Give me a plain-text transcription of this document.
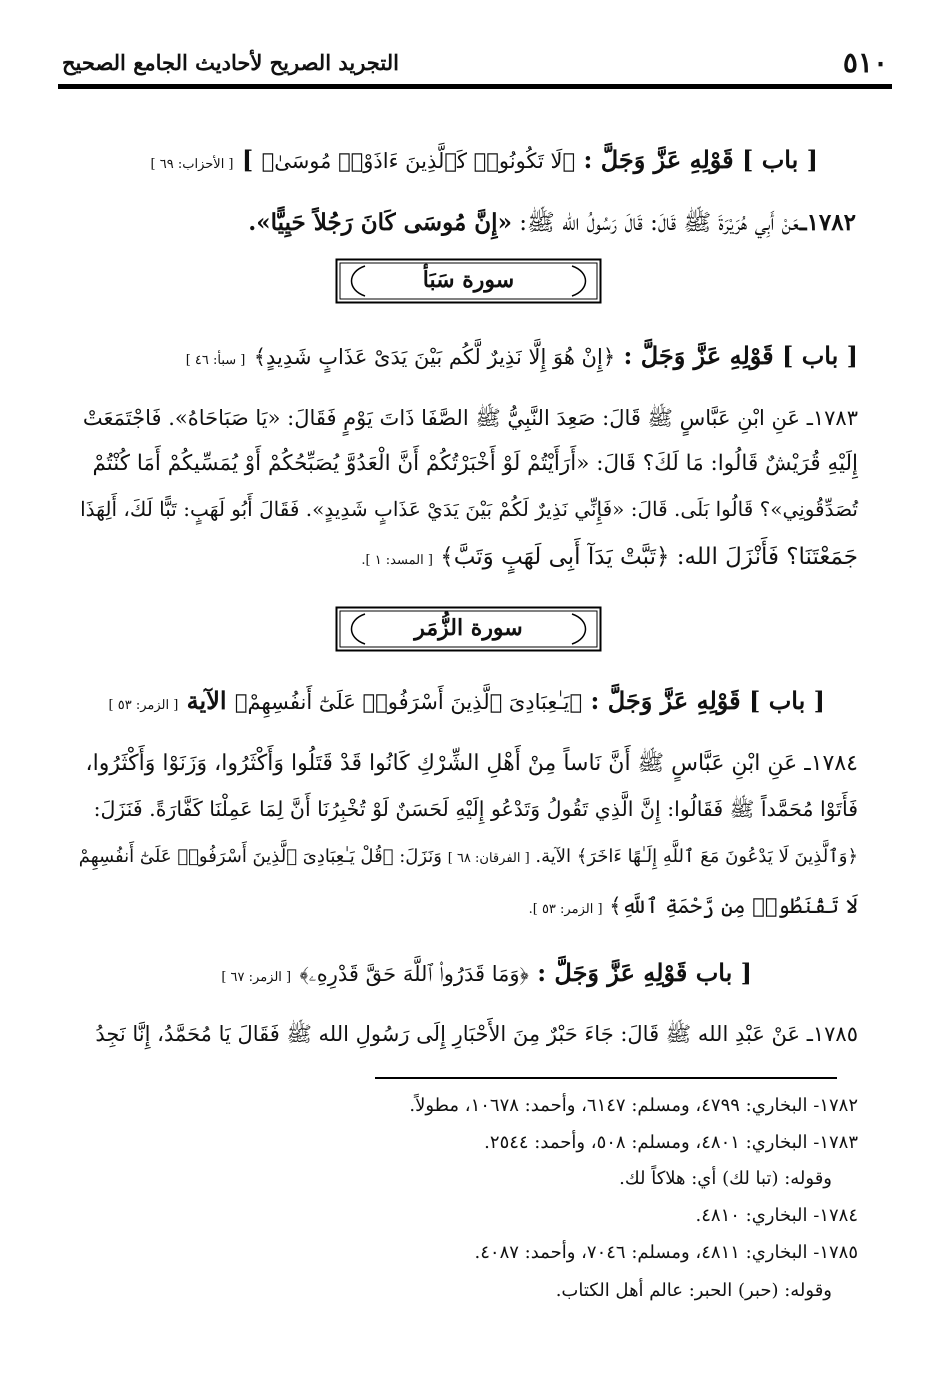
٥١٠
التجريد الصريح لأحاديث الجامع الصحيح
[ باب ] قَوْلِهِ عَزَّ وَجَلَّ : ﴿لَا تَكُونُوا۟ كَٱلَّذِينَ ءَاذَوْا۟ مُوسَىٰ﴾ ] [ الأحزاب: ٦٩ ]
١٧٨٢ـعَنْ أَبِي هُرَيْرَةَ ﷺ قَالَ: قَالَ رَسُولُ الله ﷺ: «إِنَّ مُوسَى كَانَ رَجُلاً حَيِيًّا».
سورة سَبَأ
[ باب ] قَوْلِهِ عَزَّ وَجَلَّ : ﴿إِنْ هُوَ إِلَّا نَذِيرٌ لَّكُم بَيْنَ يَدَىْ عَذَابٍ شَدِيدٍ﴾ [ سبأ: ٤٦ ]
١٧٨٣ـ عَنِ ابْنِ عَبَّاسٍ ﷺ قَالَ: صَعِدَ النَّبِيُّ ﷺ الصَّفَا ذَاتَ يَوْمٍ فَقَالَ: «يَا صَبَاحَاهُ». فَاجْتَمَعَتْ
إِلَيْهِ قُرَيْشٌ قَالُوا: مَا لَكَ؟ قَالَ: «أَرَأَيْتُمْ لَوْ أَخْبَرْتُكُمْ أَنَّ الْعَدُوَّ يُصَبِّحُكُمْ أَوْ يُمَسِّيكُمْ أَمَا كُنْتُمْ
تُصَدِّقُونِي»؟ قَالُوا بَلَى. قَالَ: «فَإِنِّي نَذِيرٌ لَكُمْ بَيْنَ يَدَيْ عَذَابٍ شَدِيدٍ». فَقَالَ أَبُو لَهَبٍ: تَبًّا لَكَ، أَلِهَذَا
جَمَعْتَنَا؟ فَأَنْزَلَ الله: ﴿تَبَّتْ يَدَآ أَبِى لَهَبٍ وَتَبَّ﴾ [ المسد: ١ ].
سورة الزُّمَر
[ باب ] قَوْلِهِ عَزَّ وَجَلَّ : ﴿يَـٰعِبَادِىَ ٱلَّذِينَ أَسْرَفُوا۟ عَلَىٰٓ أَنفُسِهِمْ﴾ الآية [ الزمر: ٥٣ ]
١٧٨٤ـ عَنِ ابْنِ عَبَّاسٍ ﷺ أَنَّ نَاساً مِنْ أَهْلِ الشِّرْكِ كَانُوا قَدْ قَتَلُوا وَأَكْثَرُوا، وَزَنَوْا وَأَكْثَرُوا،
فَأَتَوْا مُحَمَّداً ﷺ فَقَالُوا: إِنَّ الَّذِي تَقُولُ وَتَدْعُو إِلَيْهِ لَحَسَنٌ لَوْ تُخْبِرُنَا أَنَّ لِمَا عَمِلْنَا كَفَّارَةً. فَنَزَلَ:
﴿وَٱلَّذِينَ لَا يَدْعُونَ مَعَ ٱللَّهِ إِلَـٰهًا ءَاخَرَ﴾ الآية. [ الفرقان: ٦٨ ] وَنَزَلَ: ﴿قُلْ يَـٰعِبَادِىَ ٱلَّذِينَ أَسْرَفُوا۟ عَلَىٰٓ أَنفُسِهِمْ
لَا تَقْنَطُوا۟ مِن رَّحْمَةِ ٱللَّهِ﴾ [ الزمر: ٥٣ ].
[ باب قَوْلِهِ عَزَّ وَجَلَّ : ﴿وَمَا قَدَرُوا۟ ٱللَّهَ حَقَّ قَدْرِهِۦ﴾ [ الزمر: ٦٧ ]
١٧٨٥ـ عَنْ عَبْدِ الله ﷺ قَالَ: جَاءَ حَبْرٌ مِنَ الأَحْبَارِ إِلَى رَسُولِ الله ﷺ فَقَالَ يَا مُحَمَّدُ، إِنَّا نَجِدُ
١٧٨٢- البخاري: ٤٧٩٩، ومسلم: ٦١٤٧، وأحمد: ١٠٦٧٨، مطولاً.
١٧٨٣- البخاري: ٤٨٠١، ومسلم: ٥٠٨، وأحمد: ٢٥٤٤.
وقوله: (تبا لك) أي: هلاكاً لك.
١٧٨٤- البخاري: ٤٨١٠.
١٧٨٥- البخاري: ٤٨١١، ومسلم: ٧٠٤٦، وأحمد: ٤٠٨٧.
وقوله: (حبر) الحبر: عالم أهل الكتاب.
